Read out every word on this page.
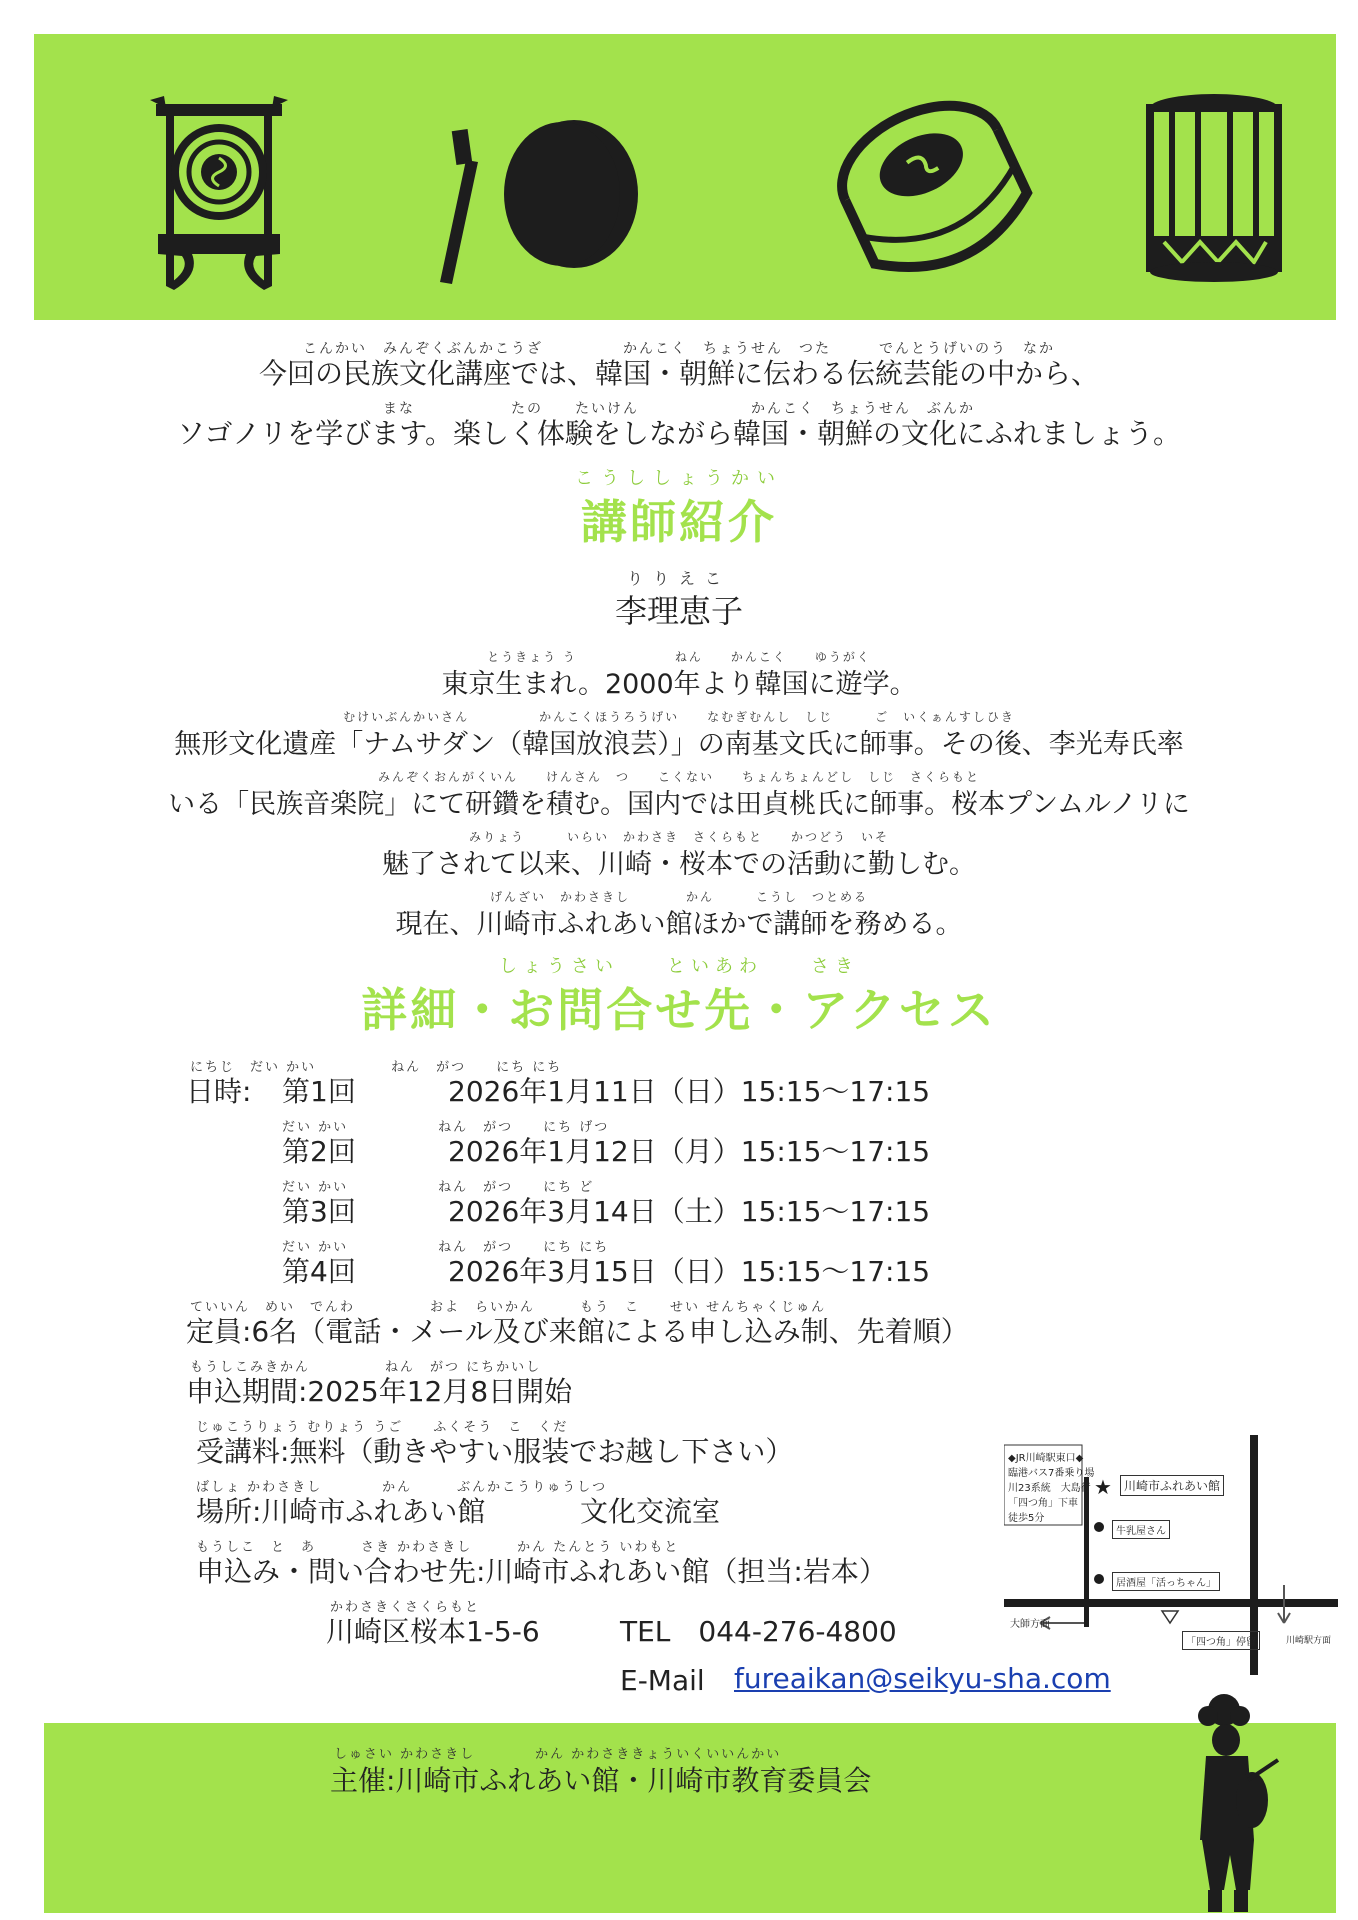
こんかい　みんぞくぶんかこうざ　　　　　かんこく　ちょうせん　つた　　　でんとうげいのう　なか
今回の民族文化講座では、韓国・朝鮮に伝わる伝統芸能の中から、
まな　　　　　　たの　　たいけん　　　　　　　かんこく　ちょうせん　ぶんか
ソゴノリを学びます。楽しく体験をしながら韓国・朝鮮の文化にふれましょう。
こうししょうかい
講師紹介
りりえこ
李理恵子
とうきょう う　　　　　　　ねん　　かんこく　　ゆうがく
東京生まれ。2000年より韓国に遊学。
むけいぶんかいさん　　　　　かんこくほうろうげい　　なむぎむんし　しじ　　　ご　いくぁんすしひき
無形文化遺産「ナムサダン（韓国放浪芸）」の南基文氏に師事。その後、李光寿氏率
みんぞくおんがくいん　　けんさん　つ　　こくない　　ちょんちょんどし　しじ　さくらもと
いる「民族音楽院」にて研鑽を積む。国内では田貞桃氏に師事。桜本プンムルノリに
みりょう　　　いらい　かわさき　さくらもと　　かつどう　いそ
魅了されて以来、川崎・桜本での活動に勤しむ。
げんざい　かわさきし　　　　かん　　　こうし　つとめる
現在、川崎市ふれあい館ほかで講師を務める。
しょうさい　　といあわ　　さき
詳細・お問合せ先・アクセス
にちじ　だい かい　　　　　ねん　がつ　　にち にち
日時: 第1回	2026年1月11日（日）15:15～17:15
だい かい　　　　　　ねん　がつ　　にち げつ
第2回	2026年1月12日（月）15:15～17:15
だい かい　　　　　　ねん　がつ　　にち ど
第3回	2026年3月14日（土）15:15～17:15
だい かい　　　　　　ねん　がつ　　にち にち
第4回	2026年3月15日（日）15:15～17:15
ていいん　めい　でんわ　　　　　およ　らいかん　　　もう　こ　　せい せんちゃくじゅん
定員:6名（電話・メール及び来館による申し込み制、先着順）
もうしこみきかん　　　　　ねん　がつ にちかいし
申込期間:2025年12月8日開始
じゅこうりょう むりょう うご　　ふくそう　こ　くだ
受講料:無料（動きやすい服装でお越し下さい）
ばしょ かわさきし　　　　かん　　　ぶんかこうりゅうしつ
場所:川崎市ふれあい館	文化交流室
もうしこ　と　あ　　　さき かわさきし　　　かん たんとう いわもと
申込み・問い合わせ先:川崎市ふれあい館（担当:岩本）
かわさきくさくらもと
川崎区桜本1-5-6	TEL　044-276-4800
E-Mail fureaikan@seikyu-sha.com
★
◆JR川崎駅東口◆
臨港バス7番乗り場
川23系統　大島行
「四つ角」下車
徒歩5分
川崎市ふれあい館
牛乳屋さん
居酒屋「活っちゃん」
「四つ角」停留
大師方面
川崎駅方面
しゅさい かわさきし　　　　かん かわさききょういくいいんかい
主催:川崎市ふれあい館・川崎市教育委員会
